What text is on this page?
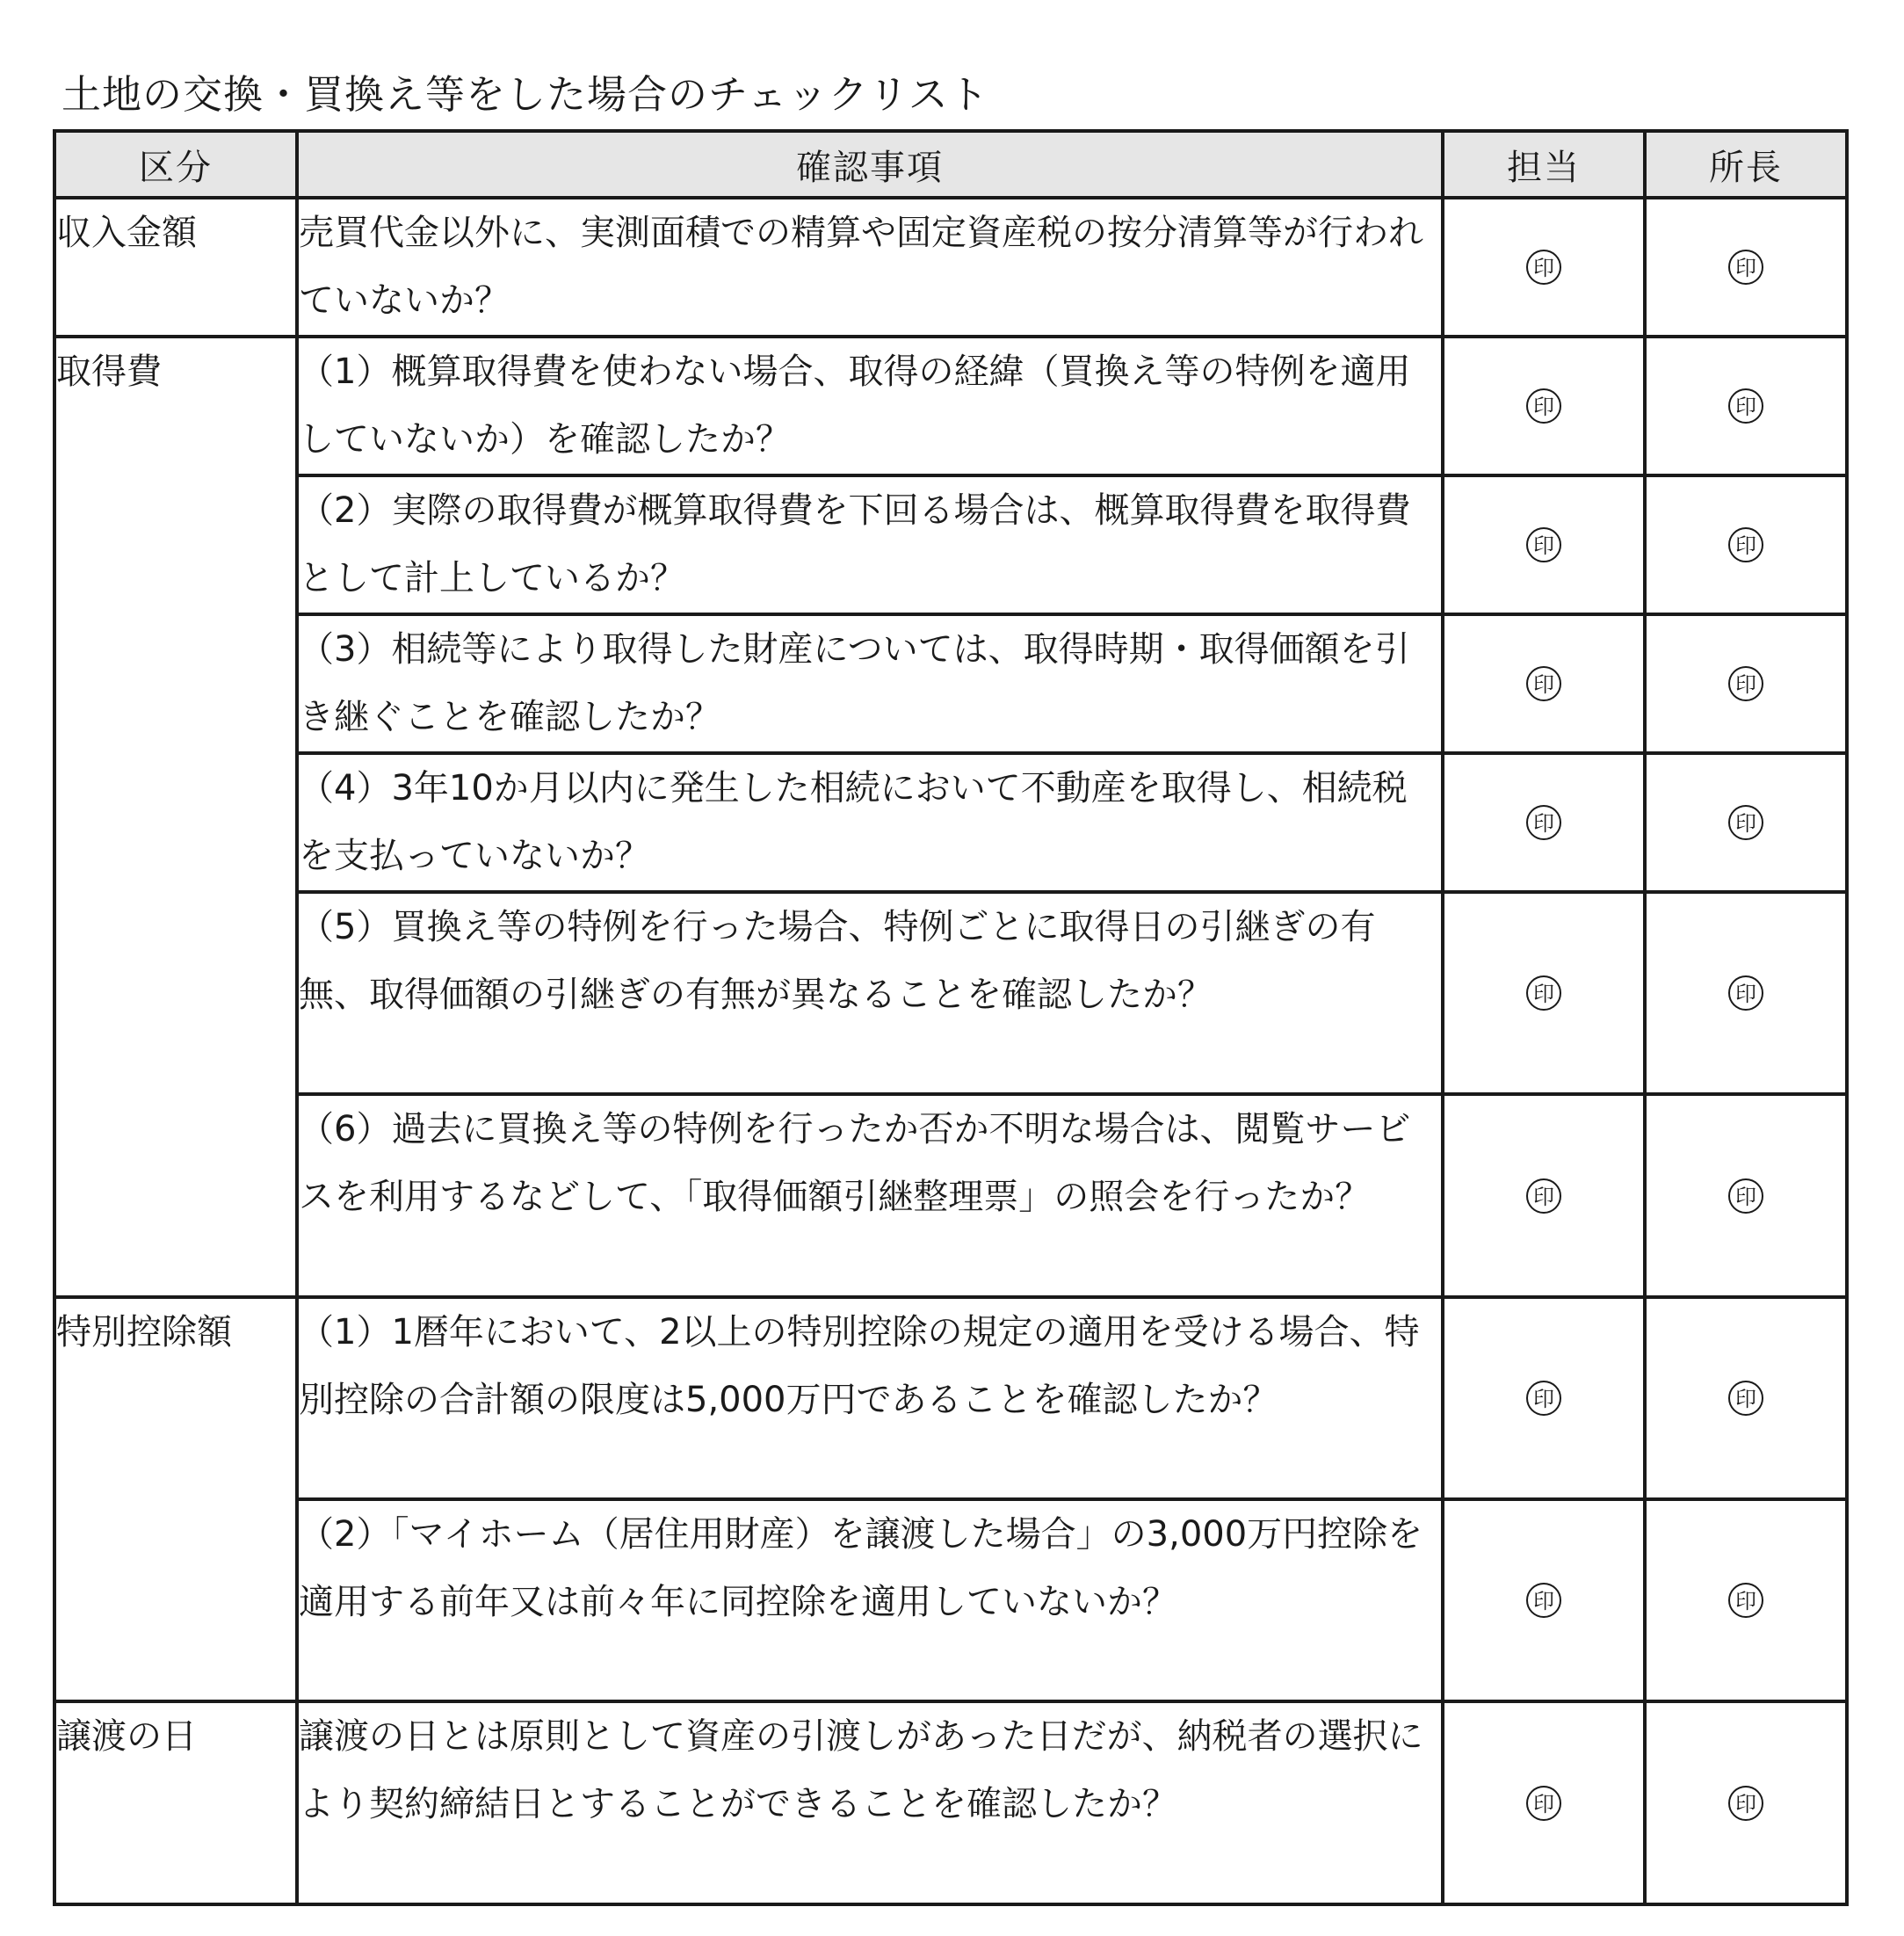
土地の交換・買換え等をした場合のチェックリスト
区分	確認事項	担当	所長
収入金額	売買代金以外に、実測面積での精算や固定資産税の按分清算等が行われていないか？	印	印
取得費	（1）概算取得費を使わない場合、取得の経緯（買換え等の特例を適用していないか）を確認したか？	印	印
	（2）実際の取得費が概算取得費を下回る場合は、概算取得費を取得費として計上しているか？	印	印
	（3）相続等により取得した財産については、取得時期・取得価額を引き継ぐことを確認したか？	印	印
	（4）3年10か月以内に発生した相続において不動産を取得し、相続税を支払っていないか？	印	印
	（5）買換え等の特例を行った場合、特例ごとに取得日の引継ぎの有無、取得価額の引継ぎの有無が異なることを確認したか？	印	印
	（6）過去に買換え等の特例を行ったか否か不明な場合は、閲覧サービスを利用するなどして、「取得価額引継整理票」の照会を行ったか？	印	印
特別控除額	（1）1暦年において、2以上の特別控除の規定の適用を受ける場合、特別控除の合計額の限度は5,000万円であることを確認したか？	印	印
	（2）「マイホーム（居住用財産）を譲渡した場合」の3,000万円控除を適用する前年又は前々年に同控除を適用していないか？	印	印
譲渡の日	譲渡の日とは原則として資産の引渡しがあった日だが、納税者の選択により契約締結日とすることができることを確認したか？	印	印
